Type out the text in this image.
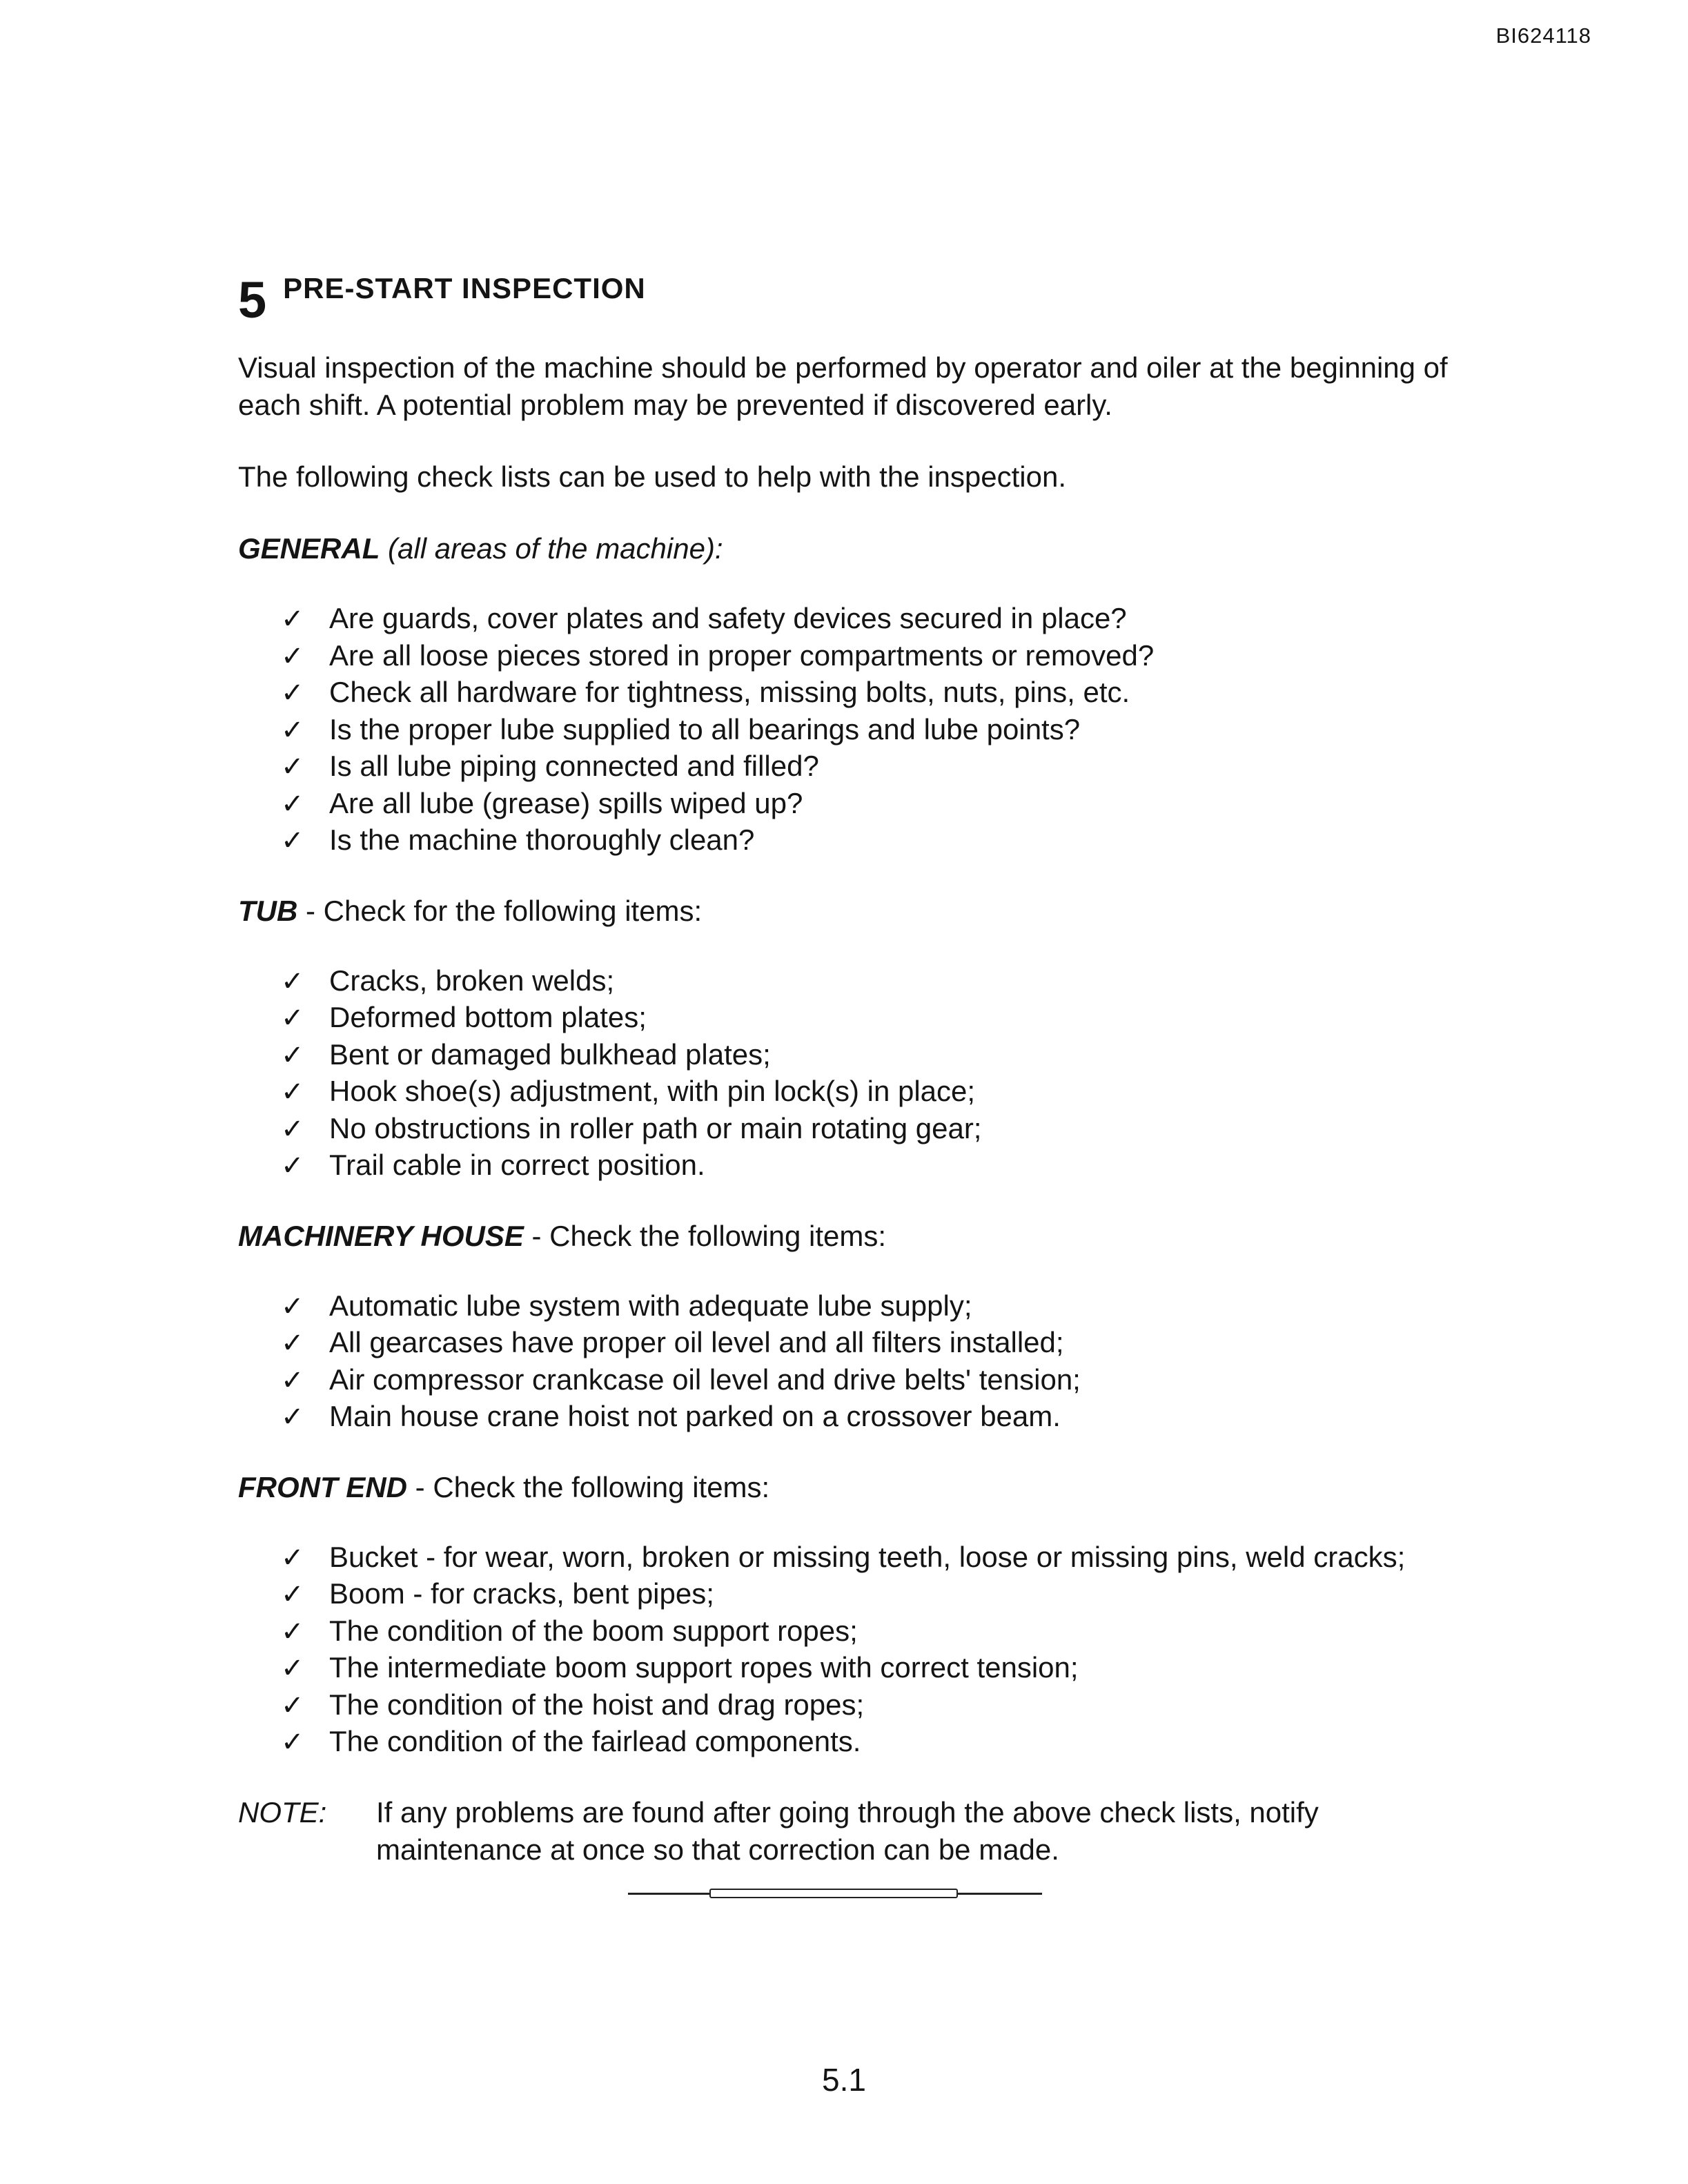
BI624118
5 PRE-START INSPECTION

Visual inspection of the machine should be performed by operator and oiler at the beginning of each shift. A potential problem may be prevented if discovered early.

The following check lists can be used to help with the inspection.

GENERAL (all areas of the machine):

✓ Are guards, cover plates and safety devices secured in place?
✓ Are all loose pieces stored in proper compartments or removed?
✓ Check all hardware for tightness, missing bolts, nuts, pins, etc.
✓ Is the proper lube supplied to all bearings and lube points?
✓ Is all lube piping connected and filled?
✓ Are all lube (grease) spills wiped up?
✓ Is the machine thoroughly clean?

TUB - Check for the following items:

✓ Cracks, broken welds;
✓ Deformed bottom plates;
✓ Bent or damaged bulkhead plates;
✓ Hook shoe(s) adjustment, with pin lock(s) in place;
✓ No obstructions in roller path or main rotating gear;
✓ Trail cable in correct position.

MACHINERY HOUSE - Check the following items:

✓ Automatic lube system with adequate lube supply;
✓ All gearcases have proper oil level and all filters installed;
✓ Air compressor crankcase oil level and drive belts' tension;
✓ Main house crane hoist not parked on a crossover beam.

FRONT END - Check the following items:

✓ Bucket - for wear, worn, broken or missing teeth, loose or missing pins, weld cracks;
✓ Boom - for cracks, bent pipes;
✓ The condition of the boom support ropes;
✓ The intermediate boom support ropes with correct tension;
✓ The condition of the hoist and drag ropes;
✓ The condition of the fairlead components.
NOTE:	If any problems are found after going through the above check lists, notify maintenance at once so that correction can be made.
5.1
